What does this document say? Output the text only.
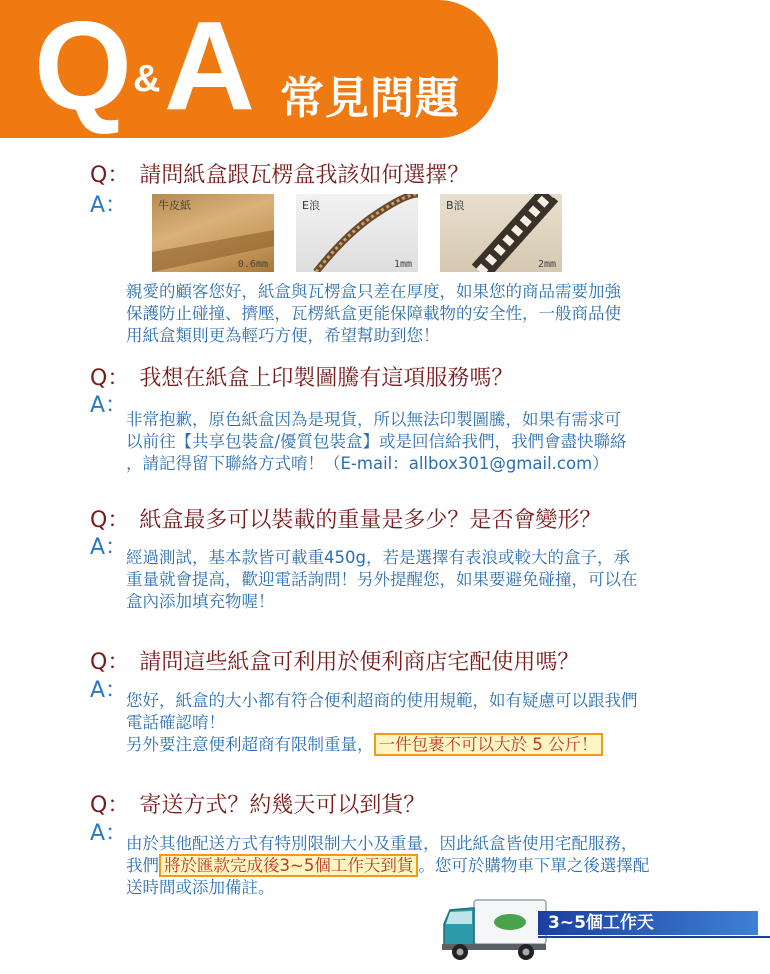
Q & A 常見問題
Q： 請問紙盒跟瓦楞盒我該如何選擇？
A：	牛皮紙
0.6mm
E浪
1mm
B浪
2mm
親愛的顧客您好，紙盒與瓦楞盒只差在厚度，如果您的商品需要加強
保護防止碰撞、擠壓，瓦楞紙盒更能保障載物的安全性，一般商品使
用紙盒類則更為輕巧方便，希望幫助到您！
Q： 我想在紙盒上印製圖騰有這項服務嗎？
A：
非常抱歉，原色紙盒因為是現貨，所以無法印製圖騰，如果有需求可
以前往【共享包裝盒/優質包裝盒】或是回信給我們，我們會盡快聯絡
，請記得留下聯絡方式唷！（E-mail：allbox301@gmail.com）
Q： 紙盒最多可以裝載的重量是多少？是否會變形？
A：
經過測試，基本款皆可載重450g，若是選擇有表浪或較大的盒子，承
重量就會提高，歡迎電話詢問！另外提醒您，如果要避免碰撞，可以在
盒內添加填充物喔！
Q： 請問這些紙盒可利用於便利商店宅配使用嗎？
A：
您好，紙盒的大小都有符合便利超商的使用規範，如有疑慮可以跟我們
電話確認唷！
另外要注意便利超商有限制重量， 一件包裹不可以大於 5 公斤！
Q： 寄送方式？約幾天可以到貨？
A：
由於其他配送方式有特別限制大小及重量，因此紙盒皆使用宅配服務，
我們 將於匯款完成後3~5個工作天到貨 。您可於購物車下單之後選擇配
送時間或添加備註。
3~5個工作天
